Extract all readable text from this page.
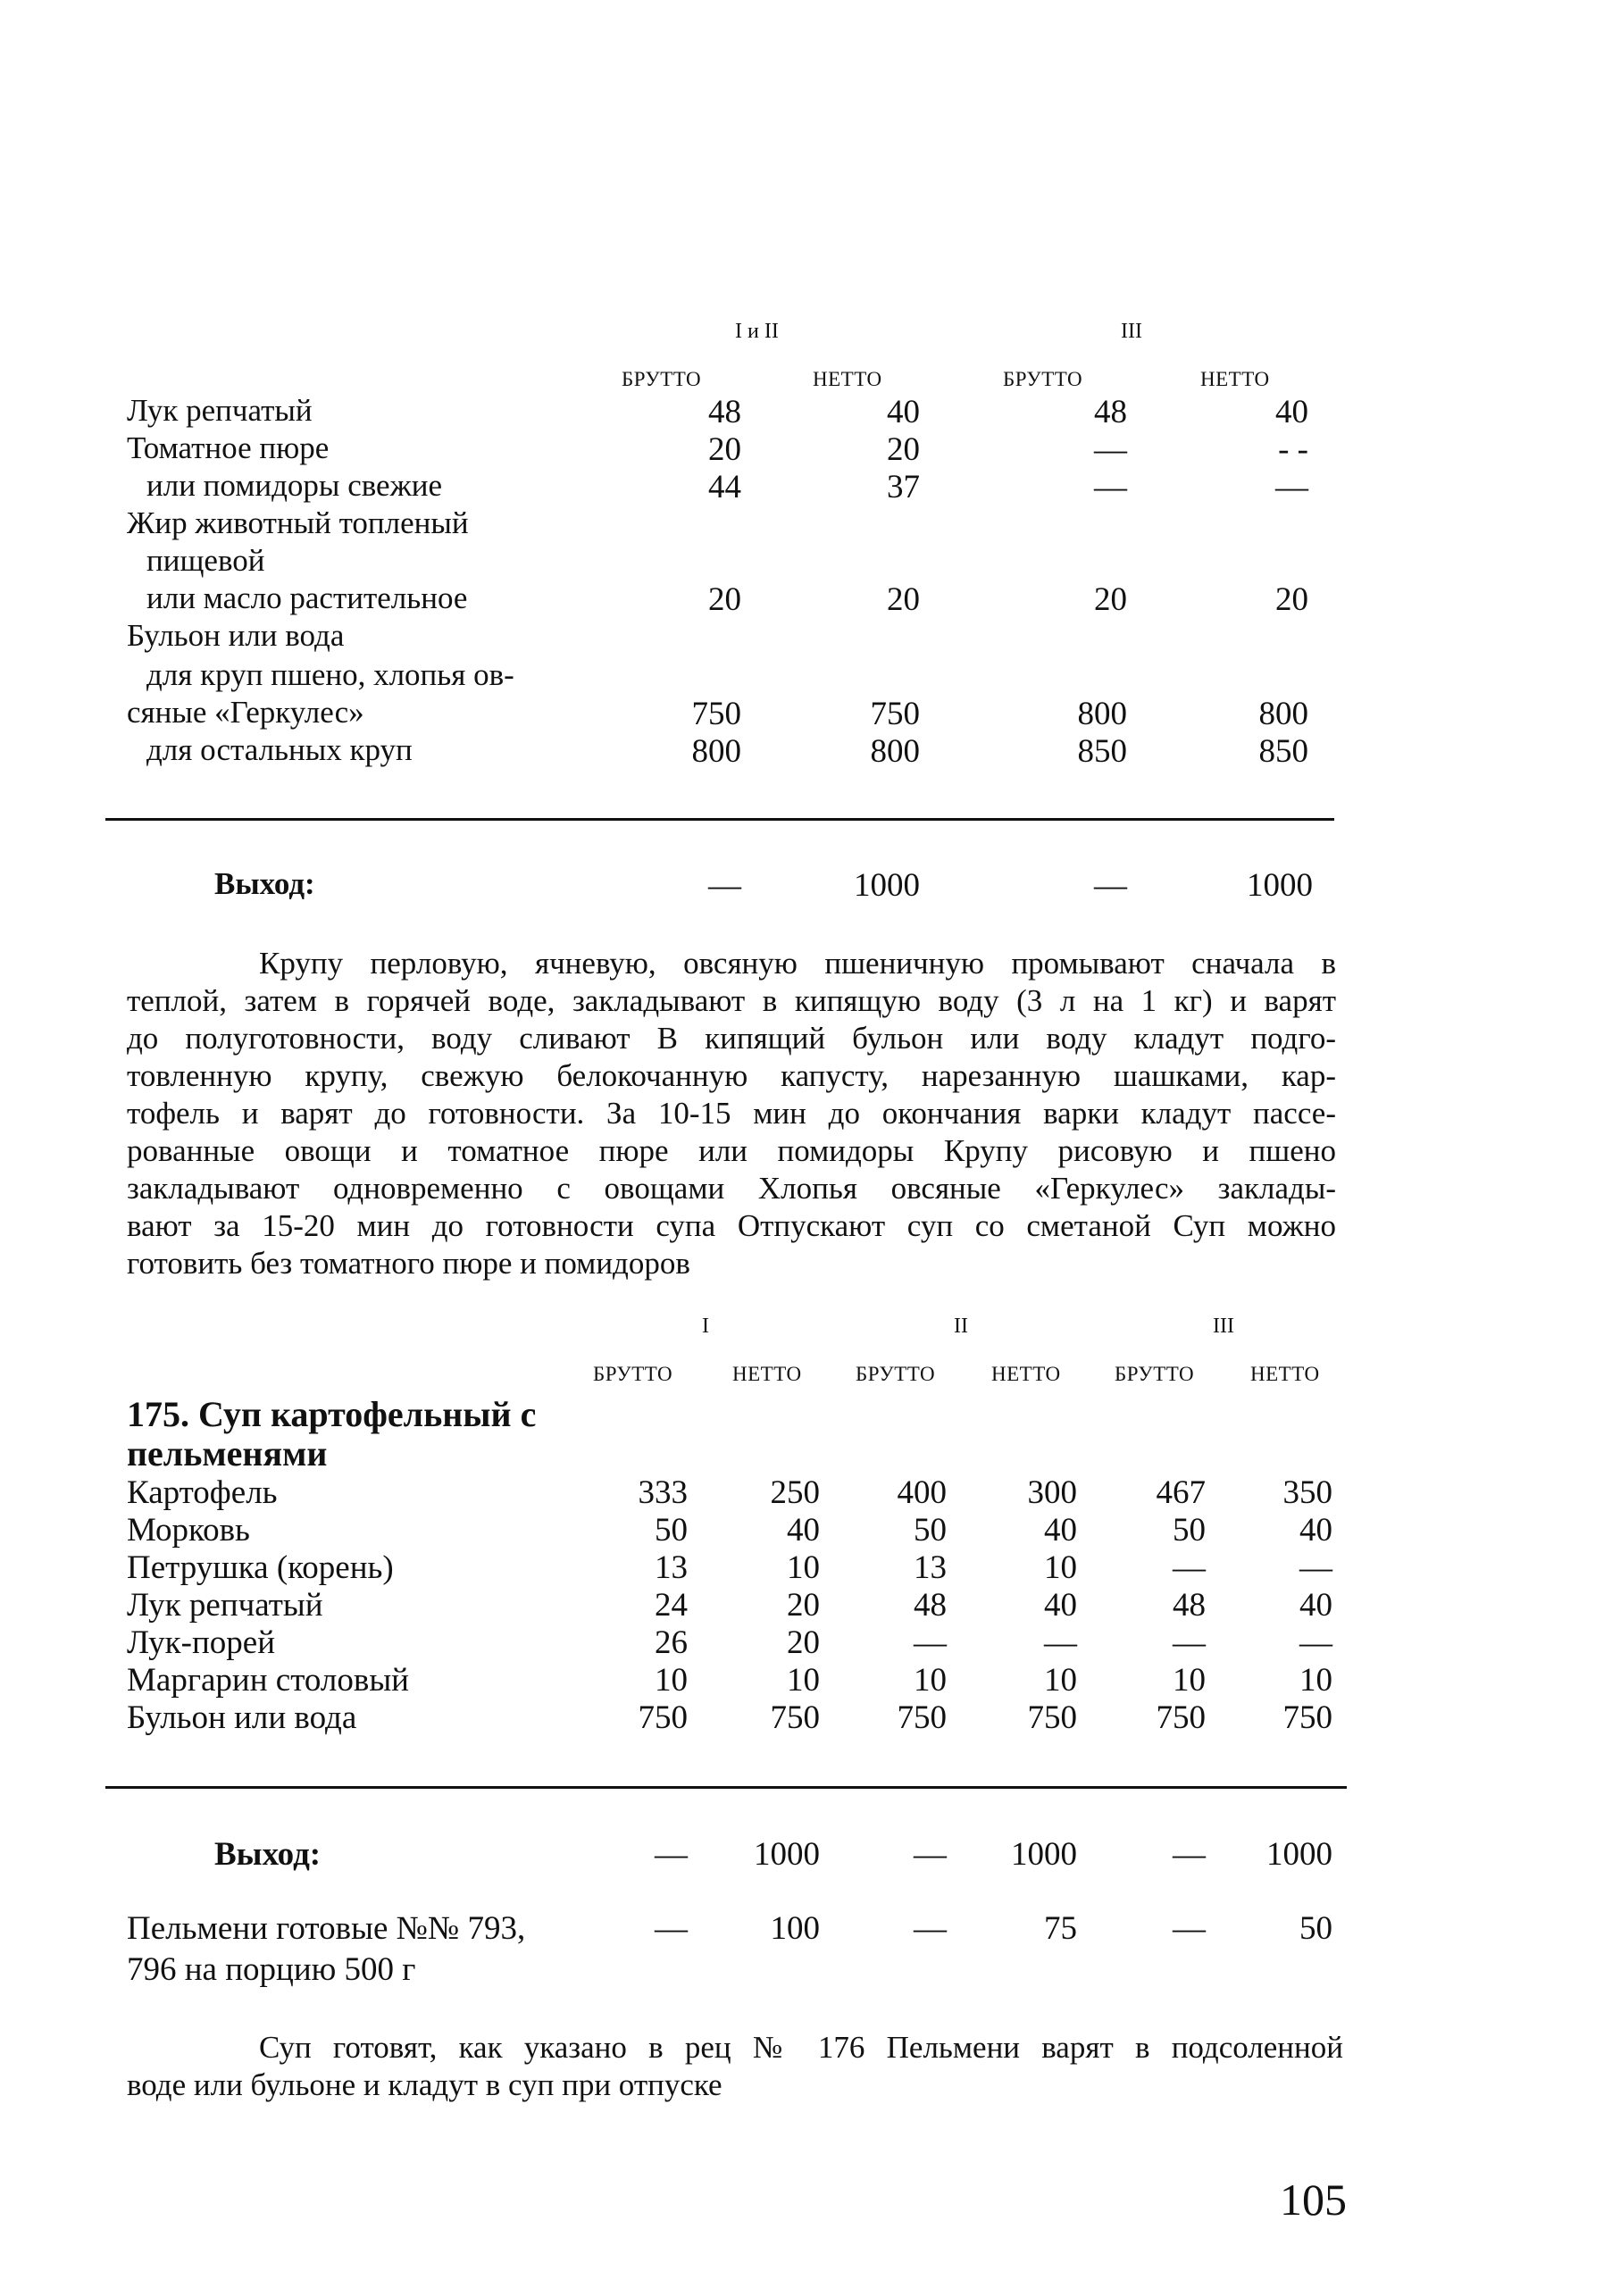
I и II	III
БРУТТО	НЕТТО	БРУТТО	НЕТТО
Лук репчатый	48	40	48	40
Томатное пюре	20	20	—	- -
или помидоры свежие	44	37	—	—
Жир животный топленый
пищевой
или масло растительное	20	20	20	20
Бульон или вода
для круп пшено, хлопья ов-
сяные «Геркулес»	750	750	800	800
для остальных круп	800	800	850	850
Выход:	—	1000	—	1000
Крупу перловую, ячневую, овсяную пшеничную промывают сначала в
теплой, затем в горячей воде, закладывают в кипящую воду (3 л на 1 кг) и варят
до полуготовности, воду сливают В кипящий бульон или воду кладут подго-
товленную крупу, свежую белокочанную капусту, нарезанную шашками, кар-
тофель и варят до готовности. За 10-15 мин до окончания варки кладут пассе-
рованные овощи и томатное пюре или помидоры Крупу рисовую и пшено
закладывают одновременно с овощами Хлопья овсяные «Геркулес» заклады-
вают за 15-20 мин до готовности супа Отпускают суп со сметаной Суп можно
готовить без томатного пюре и помидоров
I	II	III
БРУТТО	НЕТТО	БРУТТО	НЕТТО	БРУТТО	НЕТТО
175. Суп картофельный с
пельменями
Картофель	333	250	400	300	467	350
Морковь	50	40	50	40	50	40
Петрушка (корень)	13	10	13	10	—	—
Лук репчатый	24	20	48	40	48	40
Лук-порей	26	20	—	—	—	—
Маргарин столовый	10	10	10	10	10	10
Бульон или вода	750	750	750	750	750	750
Выход:	—	1000	—	1000	—	1000
Пельмени готовые №№ 793,
796 на порцию 500 г
—	100	—	75	—	50
Суп готовят, как указано в рец № 176 Пельмени варят в подсоленной
воде или бульоне и кладут в суп при отпуске
105
